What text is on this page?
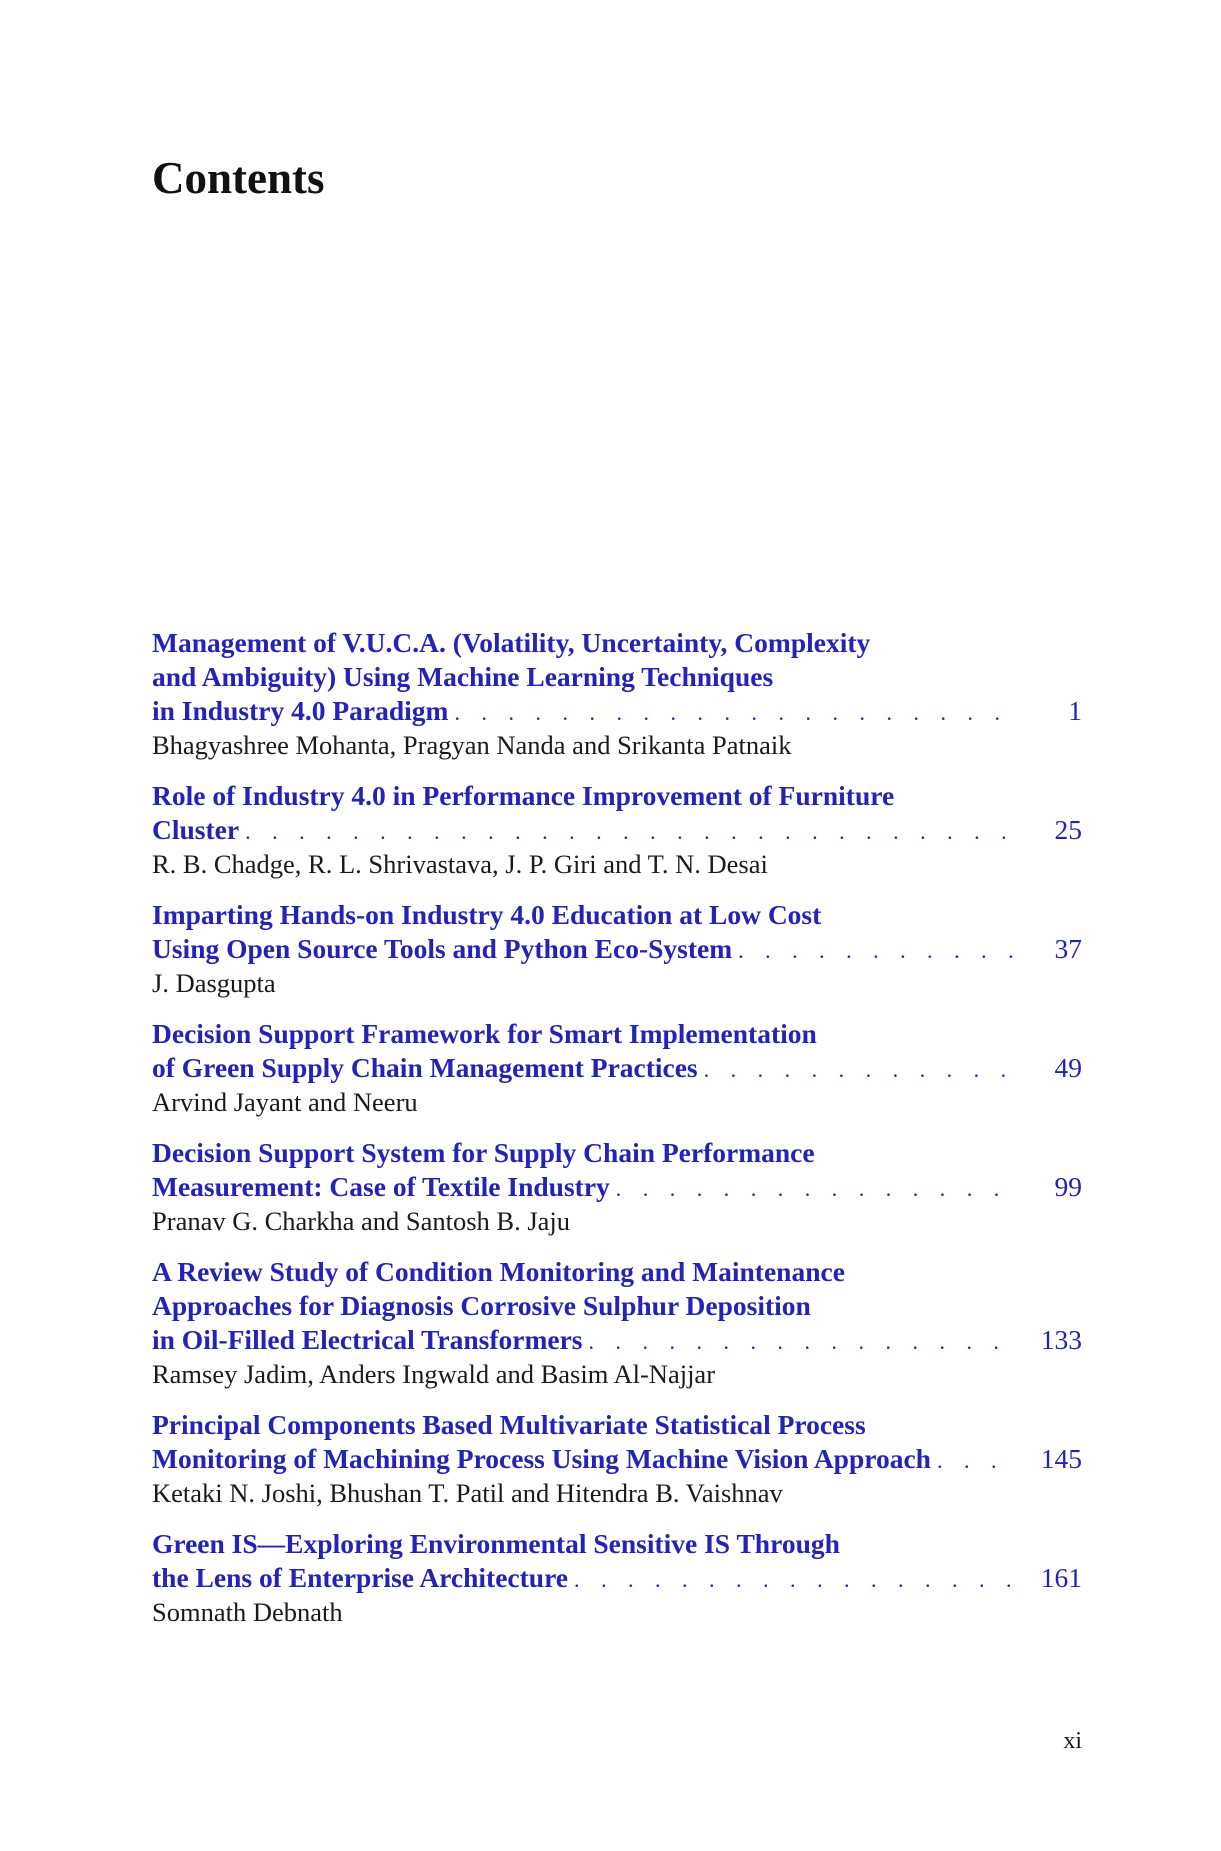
Contents
Management of V.U.C.A. (Volatility, Uncertainty, Complexity
and Ambiguity) Using Machine Learning Techniques
in Industry 4.0 Paradigm . . .	1
Bhagyashree Mohanta, Pragyan Nanda and Srikanta Patnaik
Role of Industry 4.0 in Performance Improvement of Furniture
Cluster . . .	25
R. B. Chadge, R. L. Shrivastava, J. P. Giri and T. N. Desai
Imparting Hands-on Industry 4.0 Education at Low Cost
Using Open Source Tools and Python Eco-System . . .	37
J. Dasgupta
Decision Support Framework for Smart Implementation
of Green Supply Chain Management Practices . . .	49
Arvind Jayant and Neeru
Decision Support System for Supply Chain Performance
Measurement: Case of Textile Industry . . .	99
Pranav G. Charkha and Santosh B. Jaju
A Review Study of Condition Monitoring and Maintenance
Approaches for Diagnosis Corrosive Sulphur Deposition
in Oil-Filled Electrical Transformers . . .	133
Ramsey Jadim, Anders Ingwald and Basim Al-Najjar
Principal Components Based Multivariate Statistical Process
Monitoring of Machining Process Using Machine Vision Approach . . .	145
Ketaki N. Joshi, Bhushan T. Patil and Hitendra B. Vaishnav
Green IS—Exploring Environmental Sensitive IS Through
the Lens of Enterprise Architecture . . .	161
Somnath Debnath
xi
